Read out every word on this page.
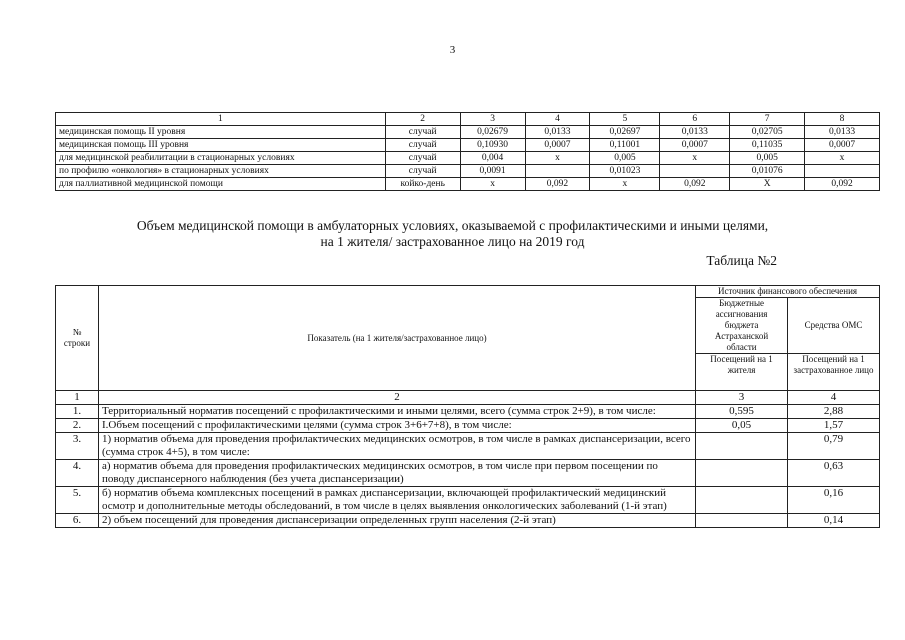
3
1	2	3	4	5	6	7	8
медицинская помощь II уровня	случай	0,02679	0,0133	0,02697	0,0133	0,02705	0,0133
медицинская помощь III уровня	случай	0,10930	0,0007	0,11001	0,0007	0,11035	0,0007
для медицинской реабилитации в стационарных условиях	случай	0,004	x	0,005	x	0,005	x
по профилю «онкология» в стационарных условиях	случай	0,0091		0,01023		0,01076	
для паллиативной медицинской помощи	койко-день	x	0,092	x	0,092	X	0,092
Объем медицинской помощи в амбулаторных условиях, оказываемой с профилактическими и иными целями,
на 1 жителя/ застрахованное лицо на 2019 год
Таблица №2
№ строки	Показатель (на 1 жителя/застрахованное лицо)	Источник финансового обеспечения	
		Бюджетные ассигнования бюджета Астраханской области	Средства ОМС
		Посещений на 1 жителя	Посещений на 1 застрахованное лицо
1	2	3	4
1.	Территориальный норматив посещений с профилактическими и иными целями, всего (сумма строк 2+9), в том числе:	0,595	2,88
2.	I.Объем посещений с профилактическими целями (сумма строк 3+6+7+8), в том числе:	0,05	1,57
3.	1) норматив объема для проведения профилактических медицинских осмотров, в том числе в рамках диспансеризации, всего (сумма строк 4+5), в том числе:		0,79
4.	а) норматив объема для проведения профилактических медицинских осмотров, в том числе при первом посещении по поводу диспансерного наблюдения (без учета диспансеризации)		0,63
5.	б) норматив объема комплексных посещений в рамках диспансеризации, включающей профилактический медицинский осмотр и дополнительные методы обследований, в том числе в целях выявления онкологических заболеваний (1-й этап)		0,16
6.	2) объем посещений для проведения диспансеризации определенных групп населения (2-й этап)		0,14
